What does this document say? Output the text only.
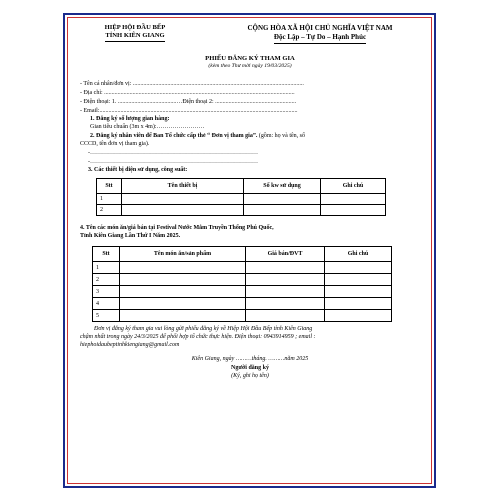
HIỆP HỘI ĐẦU BẾP
TỈNH KIÊN GIANG
CỘNG HÒA XÃ HỘI CHỦ NGHĨA VIỆT NAM
Độc Lập – Tự Do – Hạnh Phúc
PHIẾU ĐĂNG KÝ THAM GIA
(kèm theo Thư mời ngày 19/03/2025)
- Tên cá nhân/đơn vị: ..................................................................................................................
- Địa chỉ: ...............................................................................................................................
- Điện thoại: 1. .......................................…Điện thoại 2: ......................................................
- Email:....................................................................................................................................
1. Đăng ký số lượng gian hàng:
Gian tiêu chuẩn (3m x 4m):……………………
2. Đăng ký nhân viên để Ban Tổ chức cấp thẻ “ Đơn vị tham gia”. (gồm: họ và tên, số
CCCD, tên đơn vị tham gia).
-…………………………………………………………………………
-…………………………………………………………………………
3. Các thiết bị điện sử dụng, công suất:
Stt	Tên thiết bị	Số kw sử dụng	Ghi chú
1			
2			
4. Tên các món ăn/giá bán tại Festival Nước Mắm Truyền Thống Phú Quốc,
Tỉnh Kiên Giang Lần Thứ I Năm 2025.
Stt	Tên món ăn/sản phẩm	Giá bán/ĐVT	Ghi chú
1			
2			
3			
4			
5			
Đơn vị đăng ký tham gia vui lòng gửi phiếu đăng ký về Hiệp Hội Đầu Bếp tỉnh Kiên Giang
chậm nhất trong ngày 24/3/2025 để phối hợp tổ chức thực hiện. Điện thoại: 0943914959 ; email :
hiephoidaubeptinhkiengiang@gmail.com
Kiên Giang, ngày ………tháng. ………năm 2025
Người đăng ký
(Ký, ghi họ tên)
